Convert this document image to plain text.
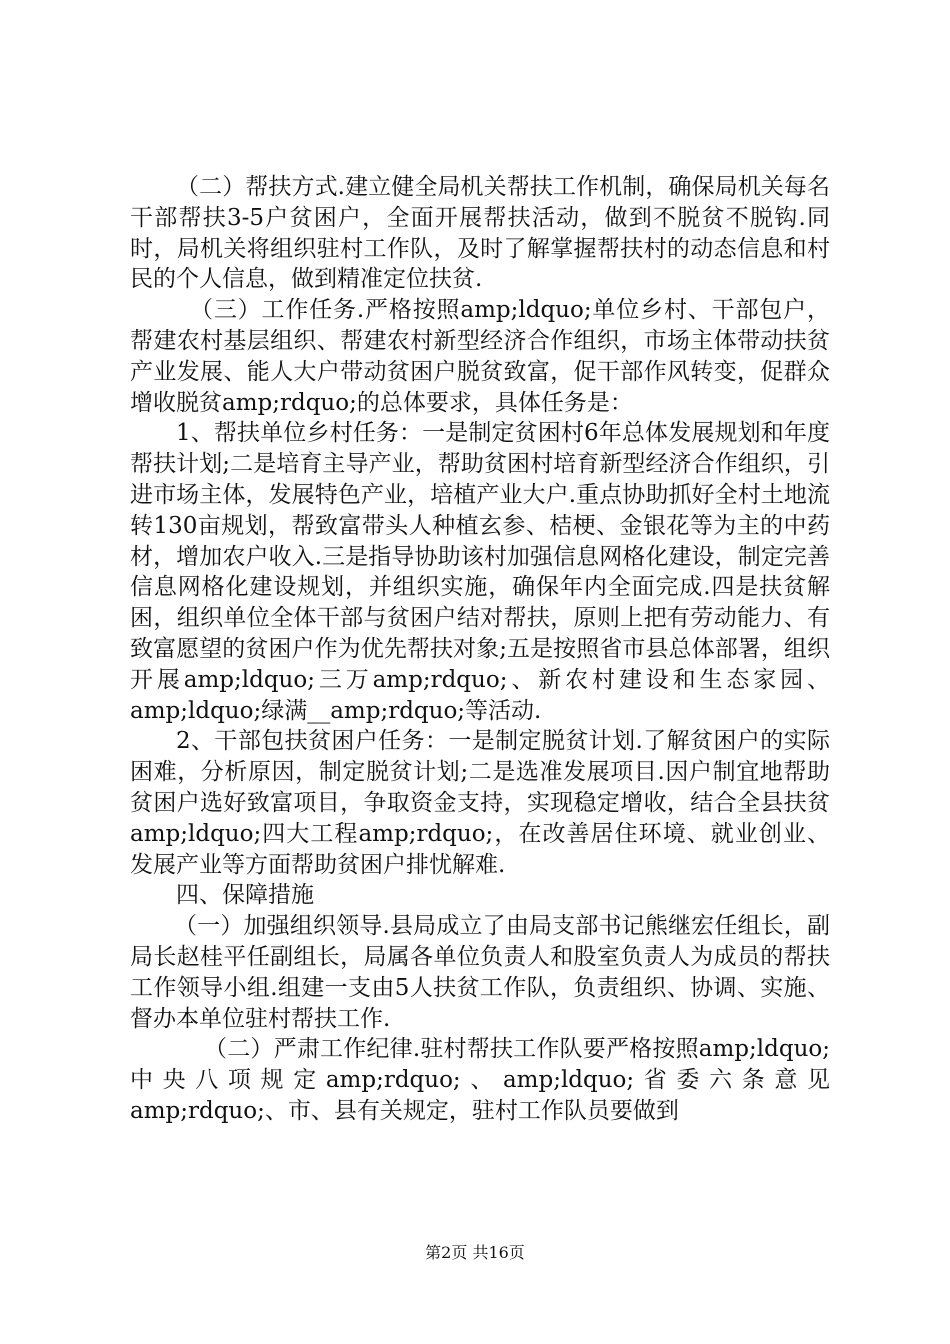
（二）帮扶方式.建立健全局机关帮扶工作机制，确保局机关每名干部帮扶3-5户贫困户，全面开展帮扶活动，做到不脱贫不脱钩.同时，局机关将组织驻村工作队，及时了解掌握帮扶村的动态信息和村民的个人信息，做到精准定位扶贫.

（三）工作任务.严格按照amp;ldquo;单位乡村、干部包户，帮建农村基层组织、帮建农村新型经济合作组织，市场主体带动扶贫产业发展、能人大户带动贫困户脱贫致富，促干部作风转变，促群众增收脱贫amp;rdquo;的总体要求，具体任务是：

1、帮扶单位乡村任务：一是制定贫困村6年总体发展规划和年度帮扶计划;二是培育主导产业，帮助贫困村培育新型经济合作组织，引进市场主体，发展特色产业，培植产业大户.重点协助抓好全村土地流转130亩规划，帮致富带头人种植玄参、桔梗、金银花等为主的中药材，增加农户收入.三是指导协助该村加强信息网格化建设，制定完善信息网格化建设规划，并组织实施，确保年内全面完成.四是扶贫解困，组织单位全体干部与贫困户结对帮扶，原则上把有劳动能力、有致富愿望的贫困户作为优先帮扶对象;五是按照省市县总体部署，组织开展amp;ldquo;三万amp;rdquo;、新农村建设和生态家园、amp;ldquo;绿满__amp;rdquo;等活动.

2、干部包扶贫困户任务：一是制定脱贫计划.了解贫困户的实际困难，分析原因，制定脱贫计划;二是选准发展项目.因户制宜地帮助贫困户选好致富项目，争取资金支持，实现稳定增收，结合全县扶贫amp;ldquo;四大工程amp;rdquo;，在改善居住环境、就业创业、发展产业等方面帮助贫困户排忧解难.

四、保障措施

（一）加强组织领导.县局成立了由局支部书记熊继宏任组长，副局长赵桂平任副组长，局属各单位负责人和股室负责人为成员的帮扶工作领导小组.组建一支由5人扶贫工作队，负责组织、协调、实施、督办本单位驻村帮扶工作.

（二）严肃工作纪律.驻村帮扶工作队要严格按照amp;ldquo;中央八项规定amp;rdquo;、amp;ldquo;省委六条意见amp;rdquo;、市、县有关规定，驻村工作队员要做到

第2页 共16页
